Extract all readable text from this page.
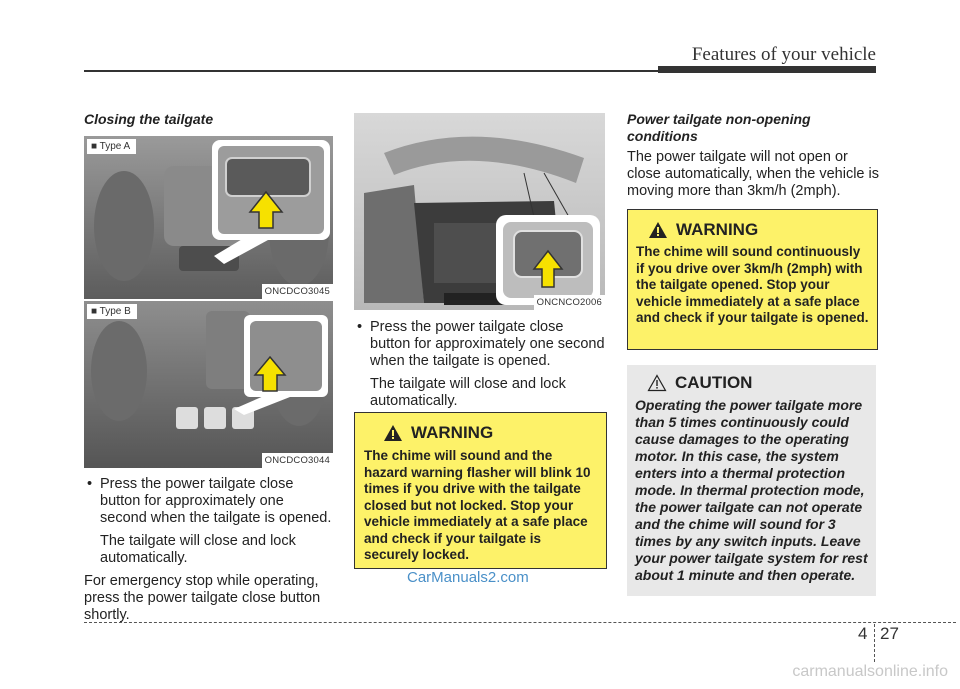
Features of your vehicle
Closing the tailgate
■ Type A
ONCDCO3045
■ Type B
ONCDCO3044
• Press the power tailgate close button for approximately one second when the tailgate is opened.
The tailgate will close and lock automatically.
For emergency stop while operating, press the power tailgate close button shortly.
ONCNCO2006
• Press the power tailgate close button for approximately one second when the tailgate is opened.
The tailgate will close and lock automatically.
WARNING
The chime will sound and the hazard warning flasher will blink 10 times if you drive with the tailgate closed but not locked. Stop your vehicle immediately at a safe place and check if your tailgate is securely locked.
CarManuals2.com
Power tailgate non-opening conditions
The power tailgate will not open or close automatically, when the vehicle is moving more than 3km/h (2mph).
WARNING
The chime will sound continuously if you drive over 3km/h (2mph) with the tailgate opened. Stop your vehicle immediately at a safe place and check if your tailgate is opened.
CAUTION
Operating the power tailgate more than 5 times continuously could cause damages to the operating motor. In this case, the system enters into a thermal protection mode. In thermal protection mode, the power tailgate can not operate and the chime will sound for 3 times by any switch inputs. Leave your power tailgate system for rest about 1 minute and then operate.
4 27
carmanualsonline.info
